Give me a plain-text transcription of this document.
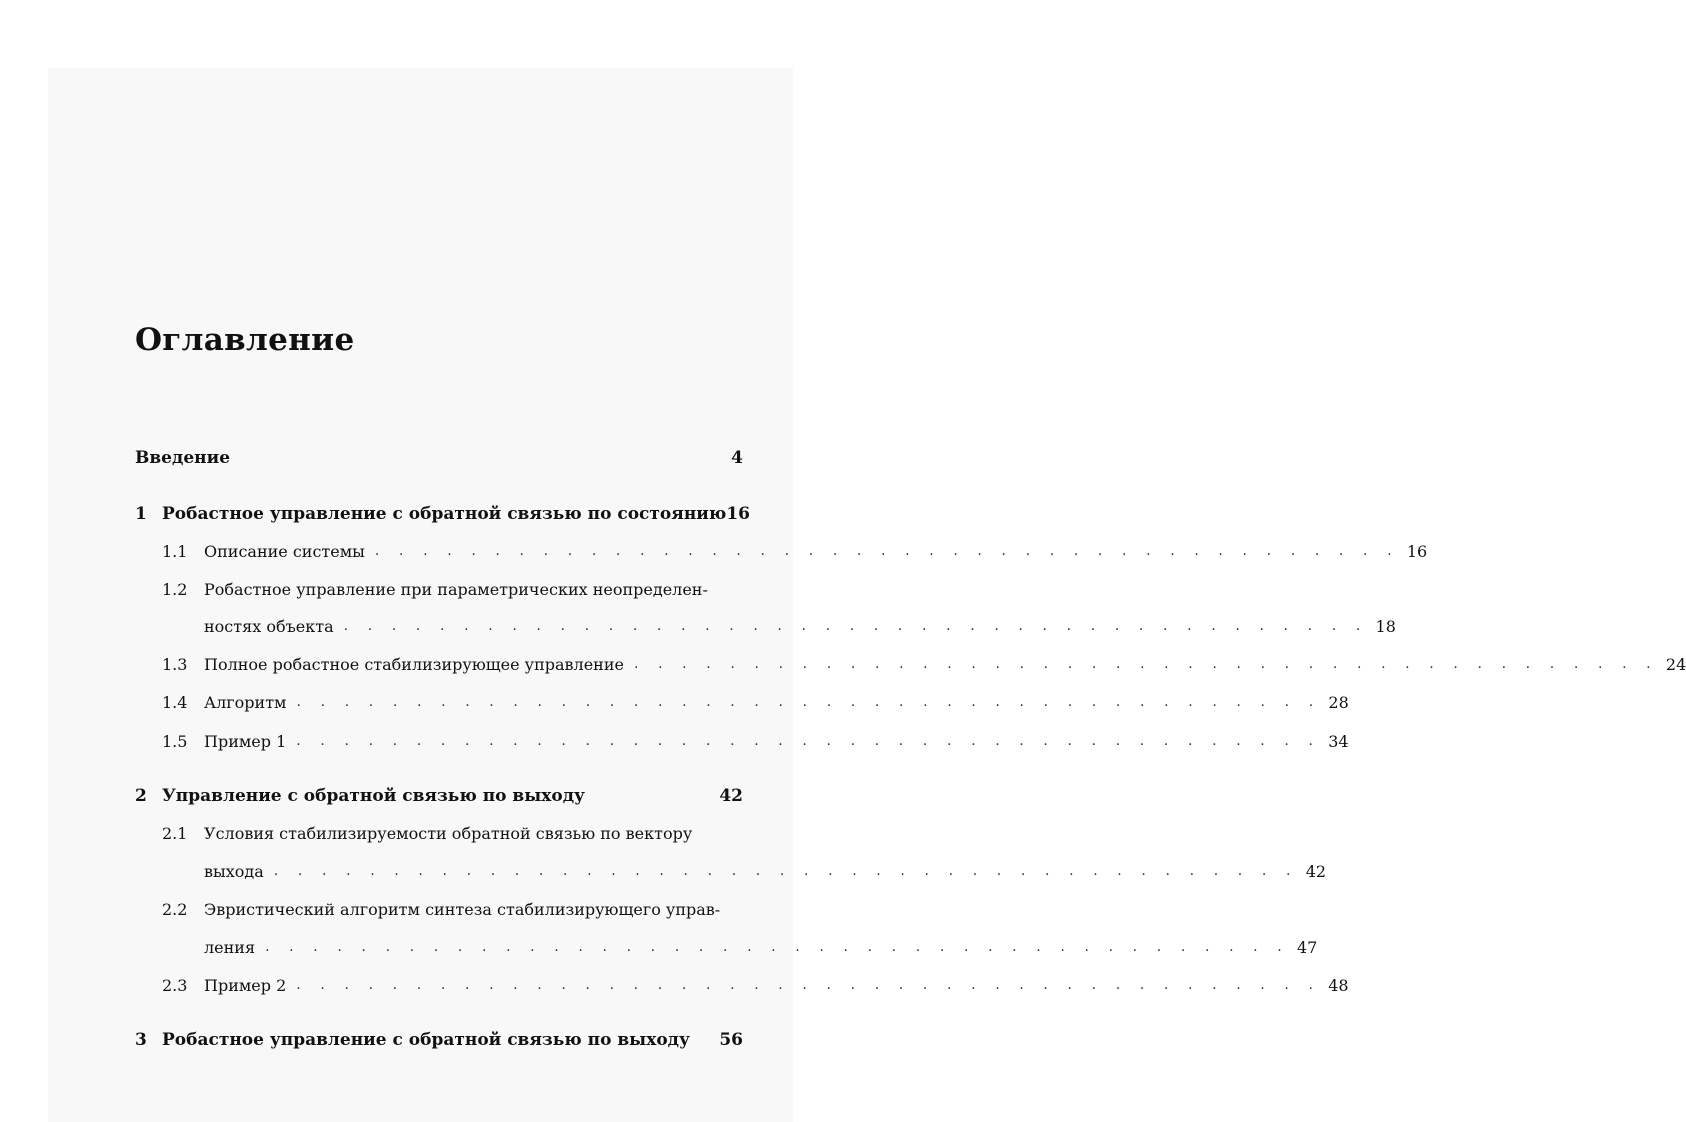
Оглавление
Введение	4
1 Робастное управление с обратной связью по состоянию 16
1.1	Описание системы . . . . . . . . . . . . . . . . . . . . . . . . . . . . . . . . . . . . . . . . . . . 16
1.2	Робастное управление при параметрических неопределен-
ностях объекта . . . . . . . . . . . . . . . . . . . . . . . . . . . . . . . . . . . . . . . . . . . 18
1.3	Полное робастное стабилизирующее управление . . . . . . . . . . . . . . . . . . . . . . . . . . . . . . . . . . . . . . . . . . . 24
1.4	Алгоритм . . . . . . . . . . . . . . . . . . . . . . . . . . . . . . . . . . . . . . . . . . . 28
1.5	Пример 1 . . . . . . . . . . . . . . . . . . . . . . . . . . . . . . . . . . . . . . . . . . . 34
2 Управление с обратной связью по выходу	42
2.1	Условия стабилизируемости обратной связью по вектору
выхода . . . . . . . . . . . . . . . . . . . . . . . . . . . . . . . . . . . . . . . . . . . 42
2.2	Эвристический алгоритм синтеза стабилизирующего управ-
ления . . . . . . . . . . . . . . . . . . . . . . . . . . . . . . . . . . . . . . . . . . . 47
2.3	Пример 2 . . . . . . . . . . . . . . . . . . . . . . . . . . . . . . . . . . . . . . . . . . . 48
3 Робастное управление с обратной связью по выходу 56
